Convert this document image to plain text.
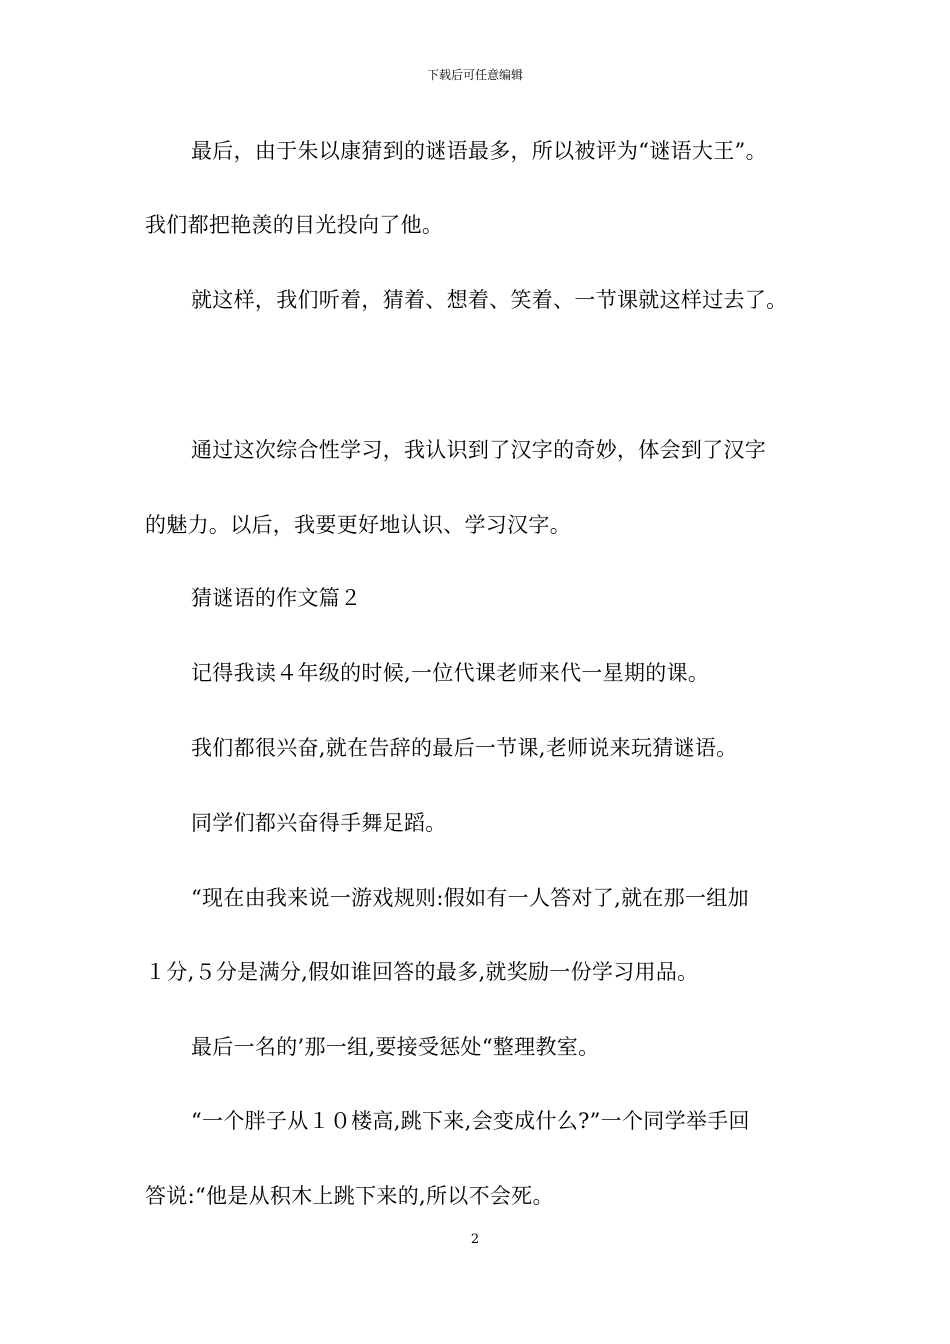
下载后可任意编辑
最后，由于朱以康猜到的谜语最多，所以被评为“谜语大王”。
我们都把艳羡的目光投向了他。
就这样，我们听着，猜着、想着、笑着、一节课就这样过去了。
通过这次综合性学习，我认识到了汉字的奇妙，体会到了汉字
的魅力。以后，我要更好地认识、学习汉字。
猜谜语的作文篇２
记得我读４年级的时候,一位代课老师来代一星期的课。
我们都很兴奋,就在告辞的最后一节课,老师说来玩猜谜语。
同学们都兴奋得手舞足蹈。
“现在由我来说一游戏规则:假如有一人答对了,就在那一组加
１分,５分是满分,假如谁回答的最多,就奖励一份学习用品。
最后一名的’那一组,要接受惩处“整理教室。
“一个胖子从１０楼高,跳下来,会变成什么?”一个同学举手回
答说:“他是从积木上跳下来的,所以不会死。
2
